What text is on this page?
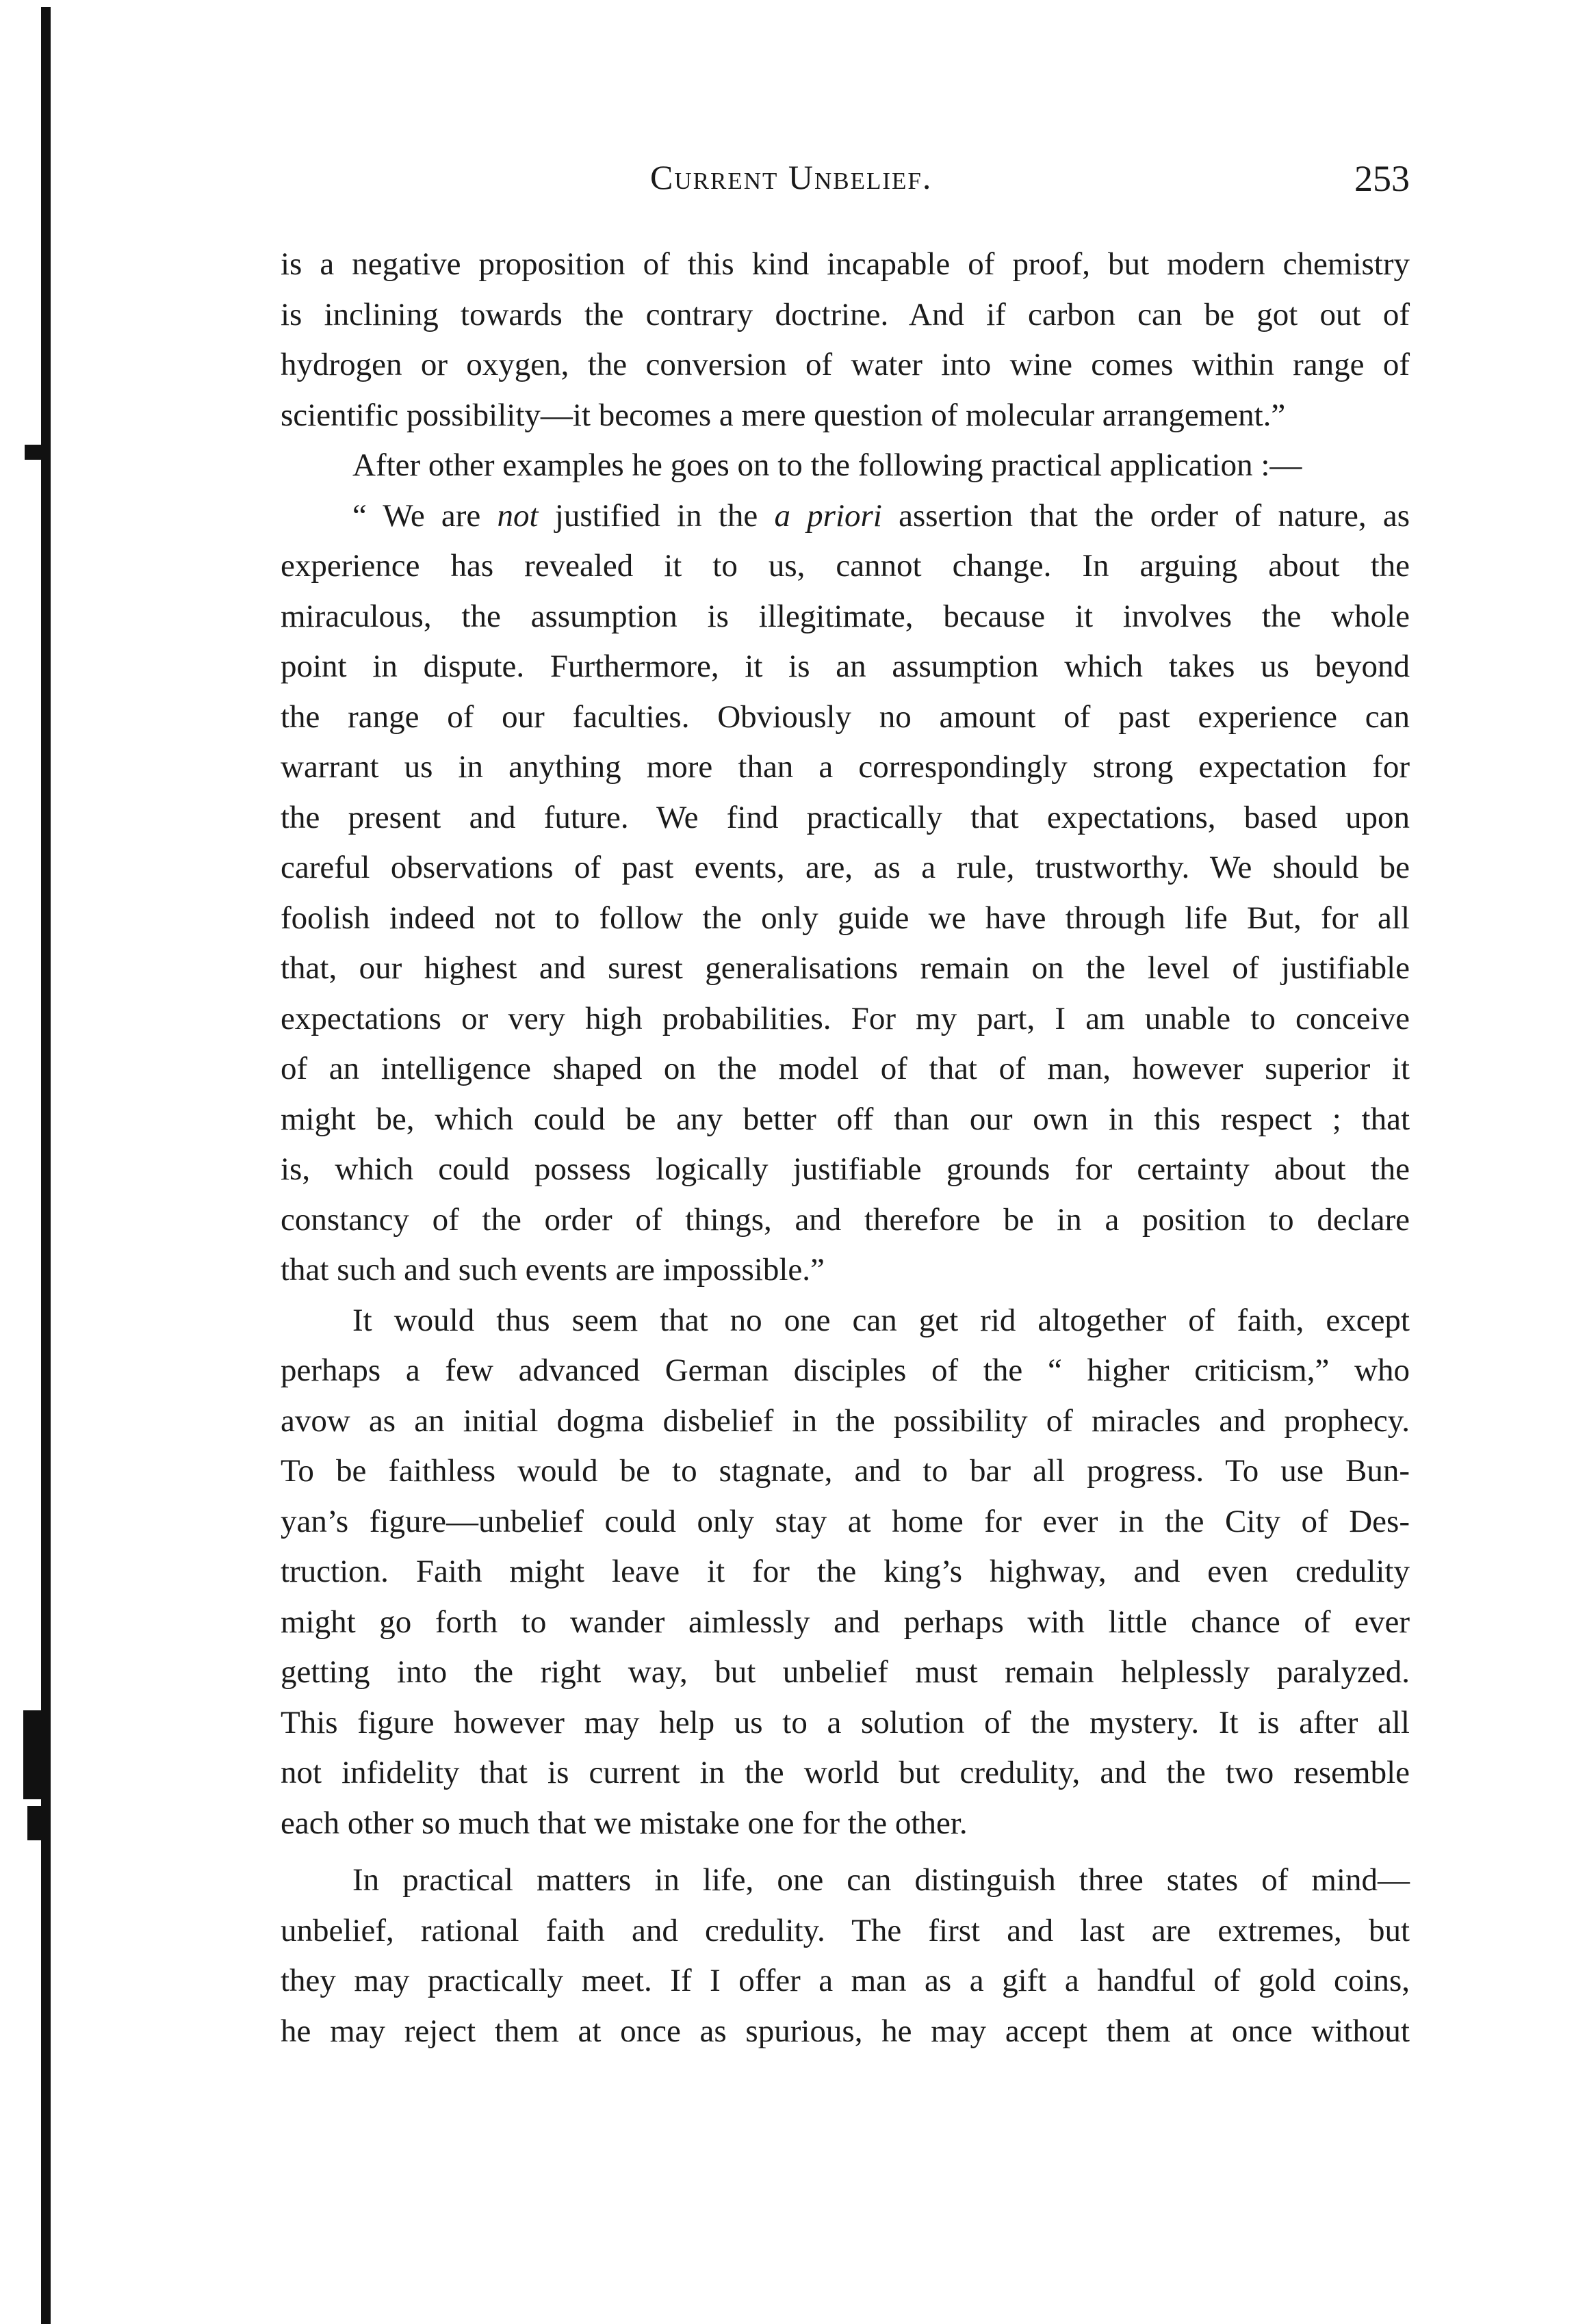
Current Unbelief.	253
is a negative proposition of this kind incapable of proof, but modern chemistry
is inclining towards the contrary doctrine. And if carbon can be got out of
hydrogen or oxygen, the conversion of water into wine comes within range of
scientific possibility—it becomes a mere question of molecular arrangement.”
After other examples he goes on to the following practical application :—
“ We are not justified in the a priori assertion that the order of nature, as
experience has revealed it to us, cannot change. In arguing about the
miraculous, the assumption is illegitimate, because it involves the whole
point in dispute. Furthermore, it is an assumption which takes us beyond
the range of our faculties. Obviously no amount of past experience can
warrant us in anything more than a correspondingly strong expectation for
the present and future. We find practically that expectations, based upon
careful observations of past events, are, as a rule, trustworthy. We should be
foolish indeed not to follow the only guide we have through life But, for all
that, our highest and surest generalisations remain on the level of justifiable
expectations or very high probabilities. For my part, I am unable to conceive
of an intelligence shaped on the model of that of man, however superior it
might be, which could be any better off than our own in this respect ; that
is, which could possess logically justifiable grounds for certainty about the
constancy of the order of things, and therefore be in a position to declare
that such and such events are impossible.”
It would thus seem that no one can get rid altogether of faith, except
perhaps a few advanced German disciples of the “ higher criticism,” who
avow as an initial dogma disbelief in the possibility of miracles and prophecy.
To be faithless would be to stagnate, and to bar all progress. To use Bun-
yan’s figure—unbelief could only stay at home for ever in the City of Des-
truction. Faith might leave it for the king’s highway, and even credulity
might go forth to wander aimlessly and perhaps with little chance of ever
getting into the right way, but unbelief must remain helplessly paralyzed.
This figure however may help us to a solution of the mystery. It is after all
not infidelity that is current in the world but credulity, and the two resemble
each other so much that we mistake one for the other.
In practical matters in life, one can distinguish three states of mind—
unbelief, rational faith and credulity. The first and last are extremes, but
they may practically meet. If I offer a man as a gift a handful of gold coins,
he may reject them at once as spurious, he may accept them at once without
